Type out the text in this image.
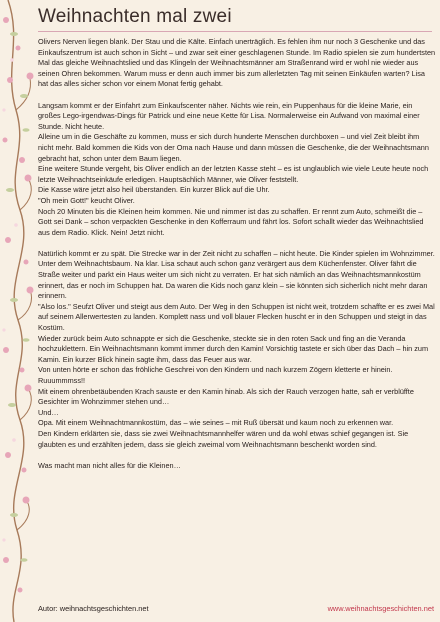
Weihnachten mal zwei

Olivers Nerven liegen blank. Der Stau und die Kälte. Einfach unerträglich. Es fehlen ihm nur noch 3 Geschenke und das Einkaufszentrum ist auch schon in Sicht – und zwar seit einer geschlagenen Stunde. Im Radio spielen sie zum hundertsten Mal das gleiche Weihnachtslied und das Klingeln der Weihnachtsmänner am Straßenrand wird er wohl nie wieder aus seinen Ohren bekommen. Warum muss er denn auch immer bis zum allerletzten Tag mit seinen Einkäufen warten? Lisa hat das alles sicher schon vor einem Monat fertig gehabt.

Langsam kommt er der Einfahrt zum Einkaufscenter näher. Nichts wie rein, ein Puppenhaus für die kleine Marie, ein großes Lego-irgendwas-Dings für Patrick und eine neue Kette für Lisa. Normalerweise ein Aufwand von maximal einer Stunde. Nicht heute.

Alleine um in die Geschäfte zu kommen, muss er sich durch hunderte Menschen durchboxen – und viel Zeit bleibt ihm nicht mehr. Bald kommen die Kids von der Oma nach Hause und dann müssen die Geschenke, die der Weihnachtsmann gebracht hat, schon unter dem Baum liegen.

Eine weitere Stunde vergeht, bis Oliver endlich an der letzten Kasse steht – es ist unglaublich wie viele Leute heute noch letzte Weihnachtseinkäufe erledigen. Hauptsächlich Männer, wie Oliver feststellt.

Die Kasse wäre jetzt also heil überstanden. Ein kurzer Blick auf die Uhr.

"Oh mein Gott!" keucht Oliver.

Noch 20 Minuten bis die Kleinen heim kommen. Nie und nimmer ist das zu schaffen. Er rennt zum Auto, schmeißt die – Gott sei Dank – schon verpackten Geschenke in den Kofferraum und fährt los. Sofort schallt wieder das Weihnachtslied aus dem Radio. Klick. Nein! Jetzt nicht.

Natürlich kommt er zu spät. Die Strecke war in der Zeit nicht zu schaffen – nicht heute. Die Kinder spielen im Wohnzimmer. Unter dem Weihnachtsbaum. Na klar. Lisa schaut auch schon ganz verärgert aus dem Küchenfenster. Oliver fährt die Straße weiter und parkt ein Haus weiter um sich nicht zu verraten. Er hat sich nämlich an das Weihnachtsmannkostüm erinnert, das er noch im Schuppen hat. Da waren die Kids noch ganz klein – sie könnten sich sicherlich nicht mehr daran erinnern.

"Also los." Seufzt Oliver und steigt aus dem Auto. Der Weg in den Schuppen ist nicht weit, trotzdem schaffte er es zwei Mal auf seinem Allerwertesten zu landen. Komplett nass und voll blauer Flecken huscht er in den Schuppen und steigt in das Kostüm.

Wieder zurück beim Auto schnappte er sich die Geschenke, steckte sie in den roten Sack und fing an die Veranda hochzuklettern. Ein Weihnachtsmann kommt immer durch den Kamin! Vorsichtig tastete er sich über das Dach – hin zum Kamin. Ein kurzer Blick hinein sagte ihm, dass das Feuer aus war.

Von unten hörte er schon das fröhliche Geschrei von den Kindern und nach kurzem Zögern kletterte er hinein.

Ruuummmss!!

Mit einem ohrenbetäubenden Krach sauste er den Kamin hinab. Als sich der Rauch verzogen hatte, sah er verblüffte Gesichter im Wohnzimmer stehen und…

Und…

Opa. Mit einem Weihnachtmannkostüm, das – wie seines – mit Ruß übersät und kaum noch zu erkennen war.

Den Kindern erklärten sie, dass sie zwei Weihnachtsmannhelfer wären und da wohl etwas schief gegangen ist. Sie glaubten es und erzählten jedem, dass sie gleich zweimal vom Weihnachtsmann beschenkt worden sind.

Was macht man nicht alles für die Kleinen…

Autor: weihnachtsgeschichten.net	www.weihnachtsgeschichten.net
